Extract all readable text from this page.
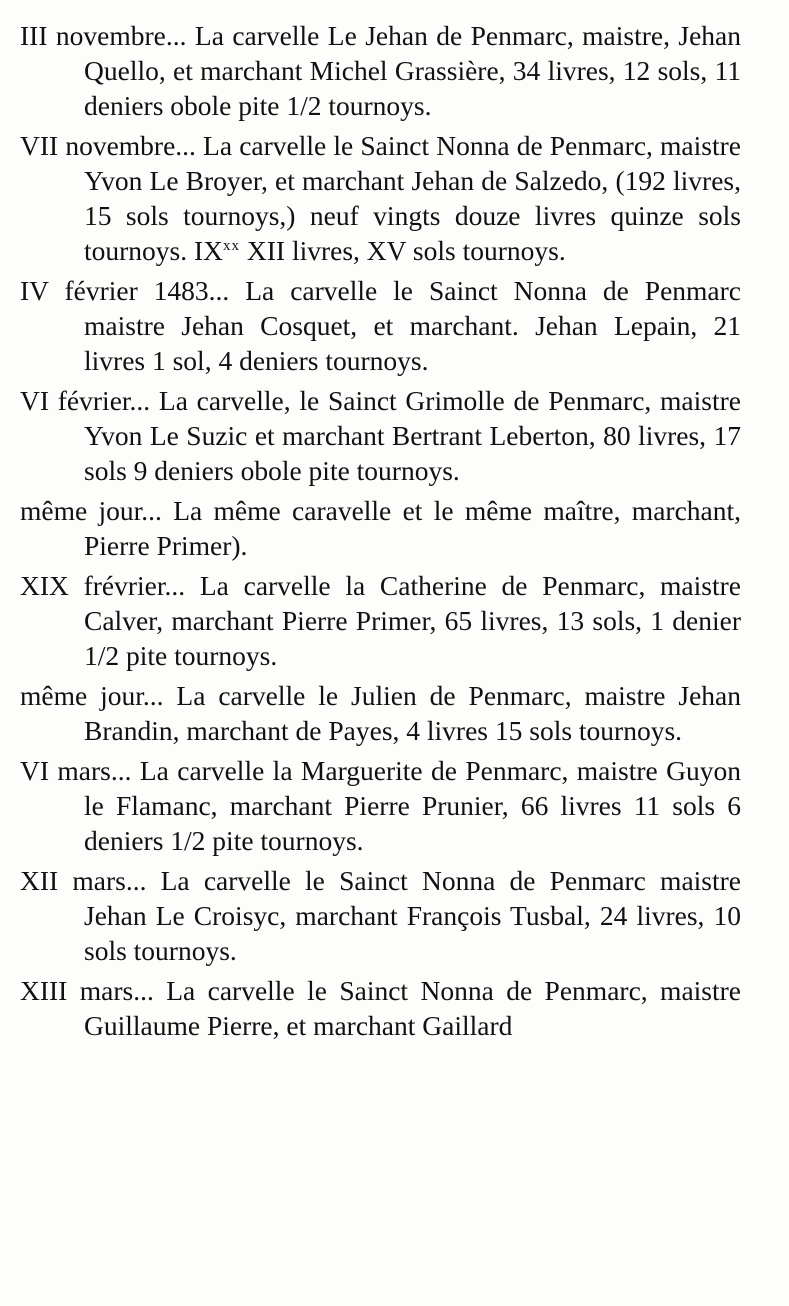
III novembre... La carvelle Le Jehan de Penmarc, maistre, Jehan Quello, et marchant Michel Grassière, 34 livres, 12 sols, 11 deniers obole pite 1/2 tournoys.

VII novembre... La carvelle le Sainct Nonna de Penmarc, maistre Yvon Le Broyer, et marchant Jehan de Salzedo, (192 livres, 15 sols tournoys,) neuf vingts douze livres quinze sols tournoys. IX$^{xx}$ XII livres, XV sols tournoys.

IV février 1483... La carvelle le Sainct Nonna de Penmarc maistre Jehan Cosquet, et marchant. Jehan Lepain, 21 livres 1 sol, 4 deniers tournoys.

VI février... La carvelle, le Sainct Grimolle de Penmarc, maistre Yvon Le Suzic et marchant Bertrant Leberton, 80 livres, 17 sols 9 deniers obole pite tournoys.

même jour... La même caravelle et le même maître, marchant, Pierre Primer).

XIX frévrier... La carvelle la Catherine de Penmarc, maistre Calver, marchant Pierre Primer, 65 livres, 13 sols, 1 denier 1/2 pite tournoys.

même jour... La carvelle le Julien de Penmarc, maistre Jehan Brandin, marchant de Payes, 4 livres 15 sols tournoys.

VI mars... La carvelle la Marguerite de Penmarc, maistre Guyon le Flamanc, marchant Pierre Prunier, 66 livres 11 sols 6 deniers 1/2 pite tournoys.

XII mars... La carvelle le Sainct Nonna de Penmarc maistre Jehan Le Croisyc, marchant François Tusbal, 24 livres, 10 sols tournoys.

XIII mars... La carvelle le Sainct Nonna de Penmarc, maistre Guillaume Pierre, et marchant Gaillard
